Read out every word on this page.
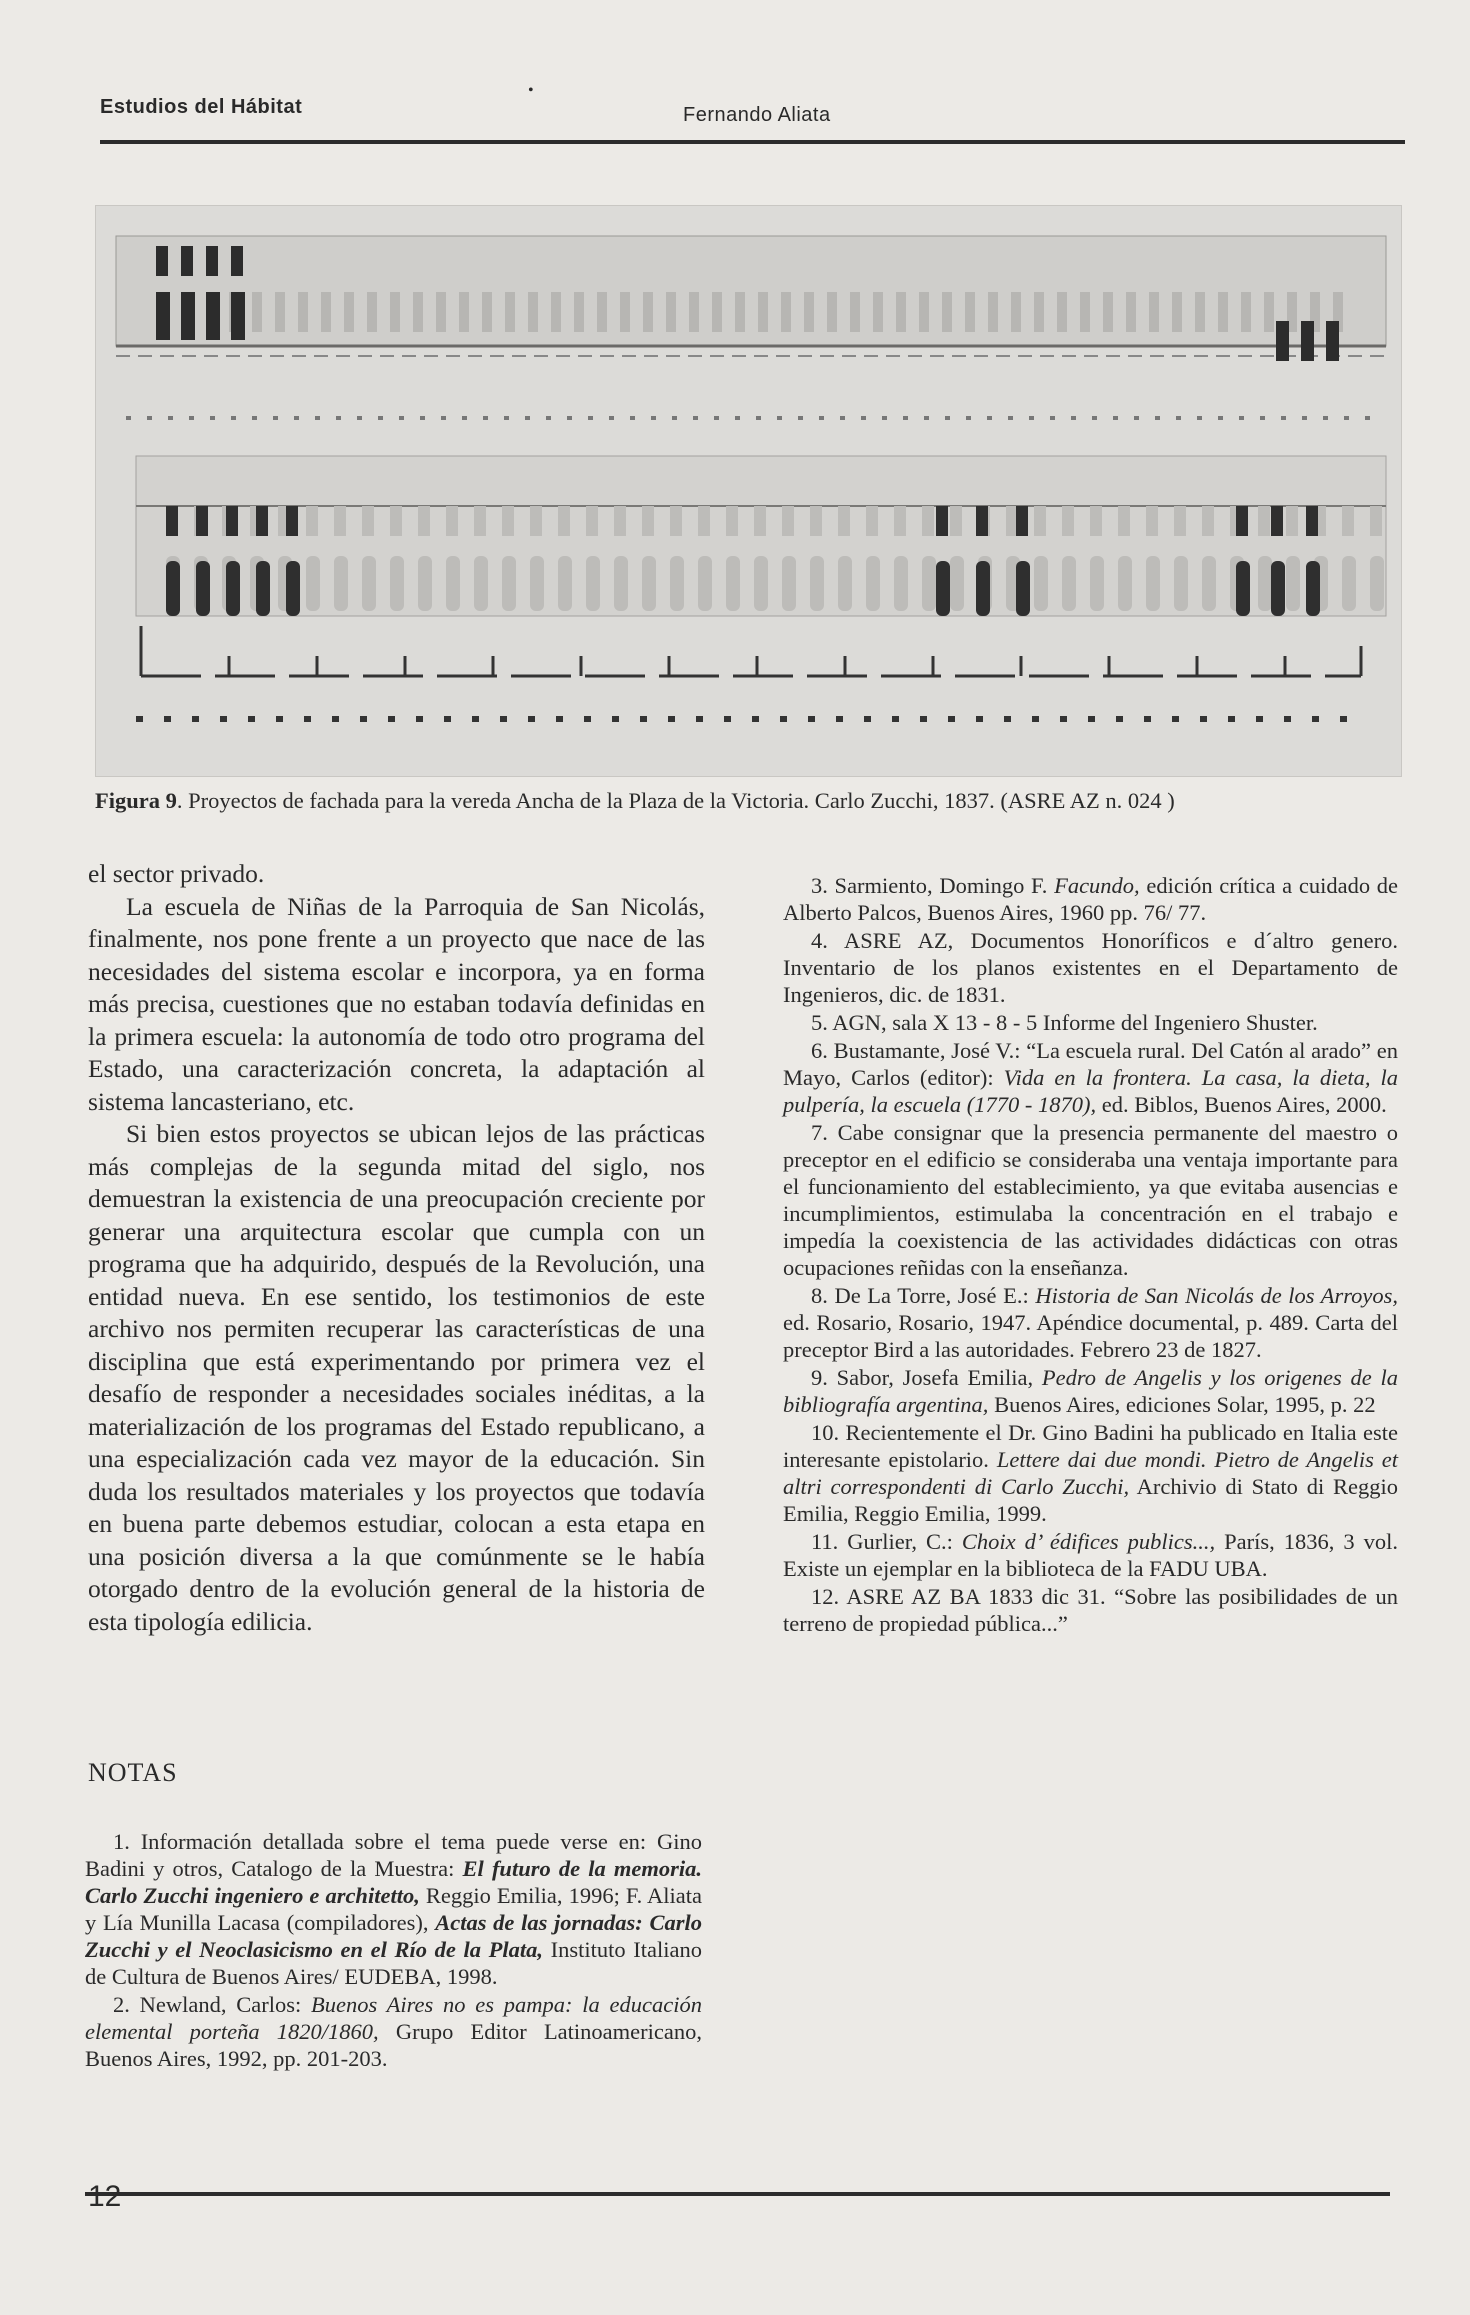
•
Estudios del Hábitat	Fernando Aliata
Figura 9. Proyectos de fachada para la vereda Ancha de la Plaza de la Victoria. Carlo Zucchi, 1837. (ASRE AZ n. 024 )

el sector privado.

La escuela de Niñas de la Parroquia de San Nicolás, finalmente, nos pone frente a un proyecto que nace de las necesidades del sistema escolar e incorpora, ya en forma más precisa, cuestiones que no estaban todavía definidas en la primera escuela: la autonomía de todo otro programa del Estado, una caracterización concreta, la adaptación al sistema lancasteriano, etc.

Si bien estos proyectos se ubican lejos de las prácticas más complejas de la segunda mitad del siglo, nos demuestran la existencia de una preocupación creciente por generar una arquitectura escolar que cumpla con un programa que ha adquirido, después de la Revolución, una entidad nueva. En ese sentido, los testimonios de este archivo nos permiten recuperar las características de una disciplina que está experimentando por primera vez el desafío de responder a necesidades sociales inéditas, a la materialización de los programas del Estado republicano, a una especialización cada vez mayor de la educación. Sin duda los resultados materiales y los proyectos que todavía en buena parte debemos estudiar, colocan a esta etapa en una posición diversa a la que comúnmente se le había otorgado dentro de la evolución general de la historia de esta tipología edilicia.

NOTAS

1. Información detallada sobre el tema puede verse en: Gino Badini y otros, Catalogo de la Muestra: El futuro de la memoria. Carlo Zucchi ingeniero e architetto, Reggio Emilia, 1996; F. Aliata y Lía Munilla Lacasa (compiladores), Actas de las jornadas: Carlo Zucchi y el Neoclasicismo en el Río de la Plata, Instituto Italiano de Cultura de Buenos Aires/ EUDEBA, 1998.

2. Newland, Carlos: Buenos Aires no es pampa: la educación elemental porteña 1820/1860, Grupo Editor Latinoamericano, Buenos Aires, 1992, pp. 201-203.

3. Sarmiento, Domingo F. Facundo, edición crítica a cuidado de Alberto Palcos, Buenos Aires, 1960 pp. 76/ 77.

4. ASRE AZ, Documentos Honoríficos e d´altro genero. Inventario de los planos existentes en el Departamento de Ingenieros, dic. de 1831.

5. AGN, sala X 13 - 8 - 5 Informe del Ingeniero Shuster.

6. Bustamante, José V.: “La escuela rural. Del Catón al arado” en Mayo, Carlos (editor): Vida en la frontera. La casa, la dieta, la pulpería, la escuela (1770 - 1870), ed. Biblos, Buenos Aires, 2000.

7. Cabe consignar que la presencia permanente del maestro o preceptor en el edificio se consideraba una ventaja importante para el funcionamiento del establecimiento, ya que evitaba ausencias e incumplimientos, estimulaba la concentración en el trabajo e impedía la coexistencia de las actividades didácticas con otras ocupaciones reñidas con la enseñanza.

8. De La Torre, José E.: Historia de San Nicolás de los Arroyos, ed. Rosario, Rosario, 1947. Apéndice documental, p. 489. Carta del preceptor Bird a las autoridades. Febrero 23 de 1827.

9. Sabor, Josefa Emilia, Pedro de Angelis y los origenes de la bibliografía argentina, Buenos Aires, ediciones Solar, 1995, p. 22

10. Recientemente el Dr. Gino Badini ha publicado en Italia este interesante epistolario. Lettere dai due mondi. Pietro de Angelis et altri correspondenti di Carlo Zucchi, Archivio di Stato di Reggio Emilia, Reggio Emilia, 1999.

11. Gurlier, C.: Choix d’ édifices publics..., París, 1836, 3 vol. Existe un ejemplar en la biblioteca de la FADU UBA.

12. ASRE AZ BA 1833 dic 31. “Sobre las posibilidades de un terreno de propiedad pública...”

12
